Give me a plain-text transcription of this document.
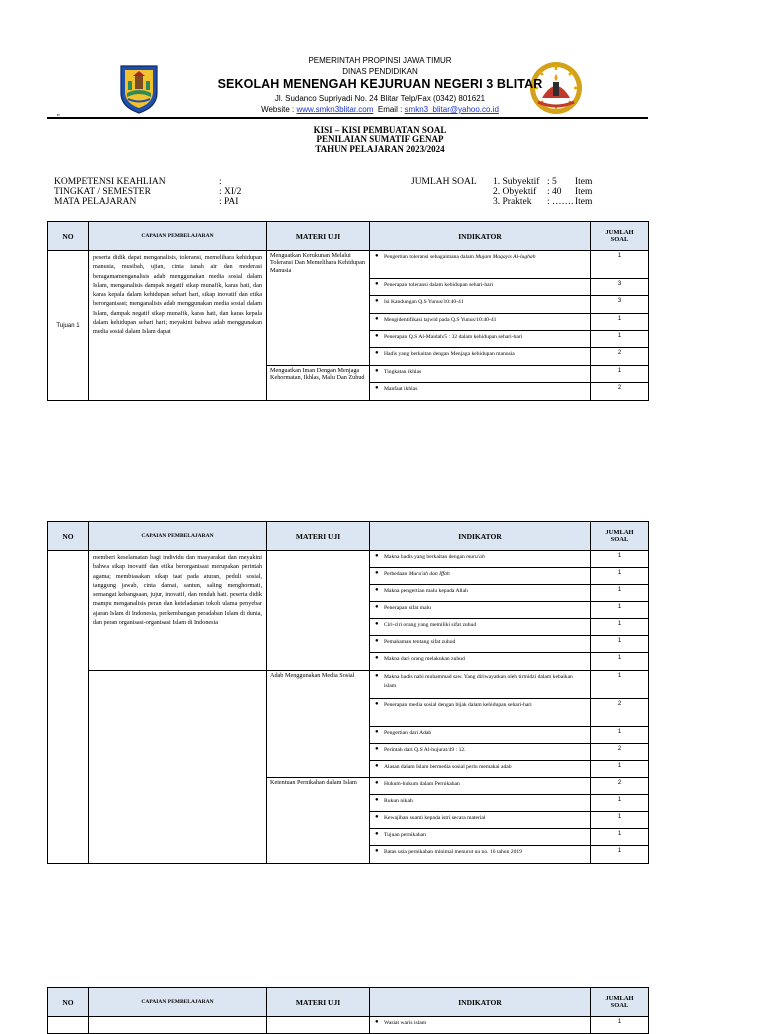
PEMERINTAH PROPINSI JAWA TIMUR
DINAS PENDIDIKAN
SEKOLAH MENENGAH KEJURUAN NEGERI 3 BLITAR
Jl. Sudanco Supriyadi No. 24 Blitar Telp/Fax (0342) 801621
Website : www.smkn3blitar.com  Email : smkn3_blitar@yahoo.co.id
„
KISI – KISI PEMBUATAN SOAL
PENILAIAN SUMATIF GENAP
TAHUN PELAJARAN 2023/2024
KOMPETENSI KEAHLIAN	:
TINGKAT / SEMESTER	: XI/2
MATA PELAJARAN	: PAI
JUMLAH SOAL 1. Subyektif : 5 Item
2. Obyektif : 40 Item
3. Praktek : ……. Item
NO	CAPAIAN PEMBELAJARAN	MATERI UJI	INDIKATOR	JUMLAH
SOAL
Tujuan 1	peserta didik dapat menganalisis, toleransi, memelihara kehidupan manusia, musibah, ujian, cinta tanah air dan moderasi beragamamenganalisis adab menggunakan media sosial dalam Islam, menganalisis dampak negatif sikap munafik, karas hati, dan karas kepala dalam kehidupan sehari hari, sikap inovatif dan etika berorganisasi; menganalisis adab menggunakan media sosial dalam Islam, dampak negatif sikap munafik, karas hati, dan karas kepala dalam kehidupan sehari hari; meyakini bahwa adab menggunakan media sosial dalam Islam dapat	Menguatkan Kerukunan Melalui Toleransi Dan Memelihara Kehidupan Manusia	● Pengertian toleransi sebagaimana dalam Mujam Maqayis Al-lughah	1

			● Penerapan toleransi dalam kehidupan sehari-hari	3

			● Isi Kandungan Q.S Yunus/10:40-41	3

			● Mengidentifikasi tajwid pada Q.S Yunus/10:40-41	1

			● Penerapan Q.S Al-Maidah/5 : 32 dalam kehidupan sehari-hari	1

			● Hadis yang berkaitan dengan Menjaga kehidupan manusia	2
		Menguatkan Iman Dengan Menjaga Kehormatan, Ikhlas, Malu Dan Zuhud	● Tingkatan ikhlas	1

			● Manfaat ikhlas	2
NO	CAPAIAN PEMBELAJARAN	MATERI UJI	INDIKATOR	JUMLAH
SOAL
	memberi keselamatan bagi individu dan masyarakat dan meyakini bahwa sikap inovatif dan etika berorganisasi merupakan perintah agama; membiasakan sikap taat pada aturan, peduli sosial, tanggung jawab, cinta damai, santun, saling menghormati, semangat kebangsaan, jujur, inovatif, dan rendah hati. peserta didik mampu menganalisis peran dan keteladanan tokoh ulama penyebar ajaran Islam di Indonesia, perkembangan peradaban Islam di dunia, dan peran organisasi-organisasi Islam di Indonesia		● Makna hadis yang berkaitan dengan muru'ah	1

			● Perbedaan Muru'ah dan Iffah	1

			● Makna pengertian malu kepada Allah	1

			● Penerapan sifat malu	1

			● Ciri-ciri orang yang memiliki sifat zuhud	1

			● Pemahaman tentang sifat zuhud	1

			● Makna dari orang melakukan zuhud	1
		Adab Menggunakan Media Sosial	● Makna hadis nabi muhammad saw. Yang diriwayatkan oleh tirmidzi dalam kebaikan islam	1

			● Penerapan media sosial dengan bijak dalam kehidupan sehari-hari	2

			● Pengertian dari Adab	1

			● Perintah dari Q.S Al-hujurat/49 : 12.	2

			● Alasan dalam Islam bermedia sosial perlu memakai adab	1
		Ketentuan Pernikahan dalam Islam	● Hukum-hukum dalam Pernikahan	2

			● Rukun nikah	1

			● Kewajiban suami kepada istri secara material	1

			● Tujuan pernikahan	1

			● Batas usia pernikahan minimal menurut uu no. 16 tahun 2019	1
NO	CAPAIAN PEMBELAJARAN	MATERI UJI	INDIKATOR	JUMLAH
SOAL

			● Wasiat waris islam	1
